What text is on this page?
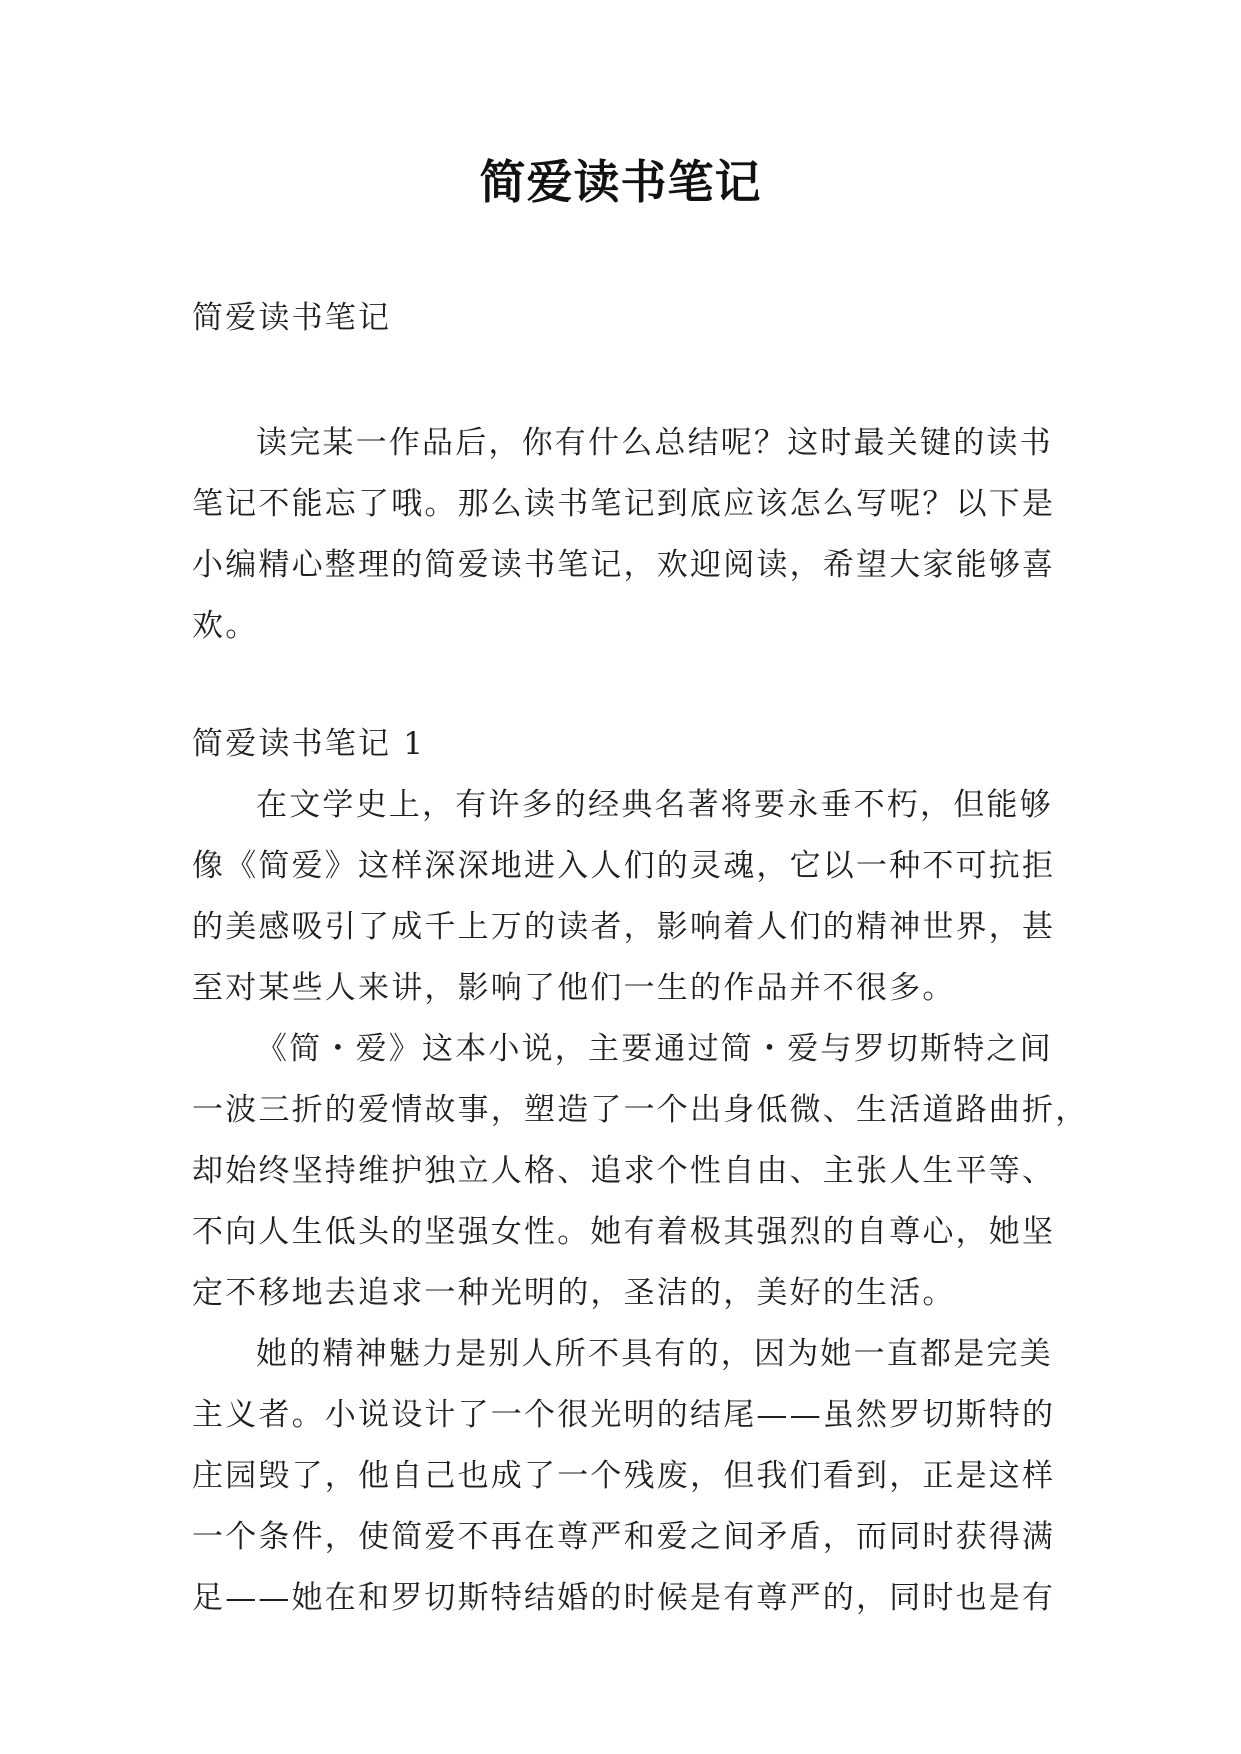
简爱读书笔记
简爱读书笔记
读完某一作品后，你有什么总结呢？这时最关键的读书
笔记不能忘了哦。那么读书笔记到底应该怎么写呢？以下是
小编精心整理的简爱读书笔记，欢迎阅读，希望大家能够喜
欢。
简爱读书笔记 1
在文学史上，有许多的经典名著将要永垂不朽，但能够
像《简爱》这样深深地进入人们的灵魂，它以一种不可抗拒
的美感吸引了成千上万的读者，影响着人们的精神世界，甚
至对某些人来讲，影响了他们一生的作品并不很多。
《简・爱》这本小说，主要通过简・爱与罗切斯特之间
一波三折的爱情故事，塑造了一个出身低微、生活道路曲折，
却始终坚持维护独立人格、追求个性自由、主张人生平等、
不向人生低头的坚强女性。她有着极其强烈的自尊心，她坚
定不移地去追求一种光明的，圣洁的，美好的生活。
她的精神魅力是别人所不具有的，因为她一直都是完美
主义者。小说设计了一个很光明的结尾——虽然罗切斯特的
庄园毁了，他自己也成了一个残废，但我们看到，正是这样
一个条件，使简爱不再在尊严和爱之间矛盾，而同时获得满
足——她在和罗切斯特结婚的时候是有尊严的，同时也是有
